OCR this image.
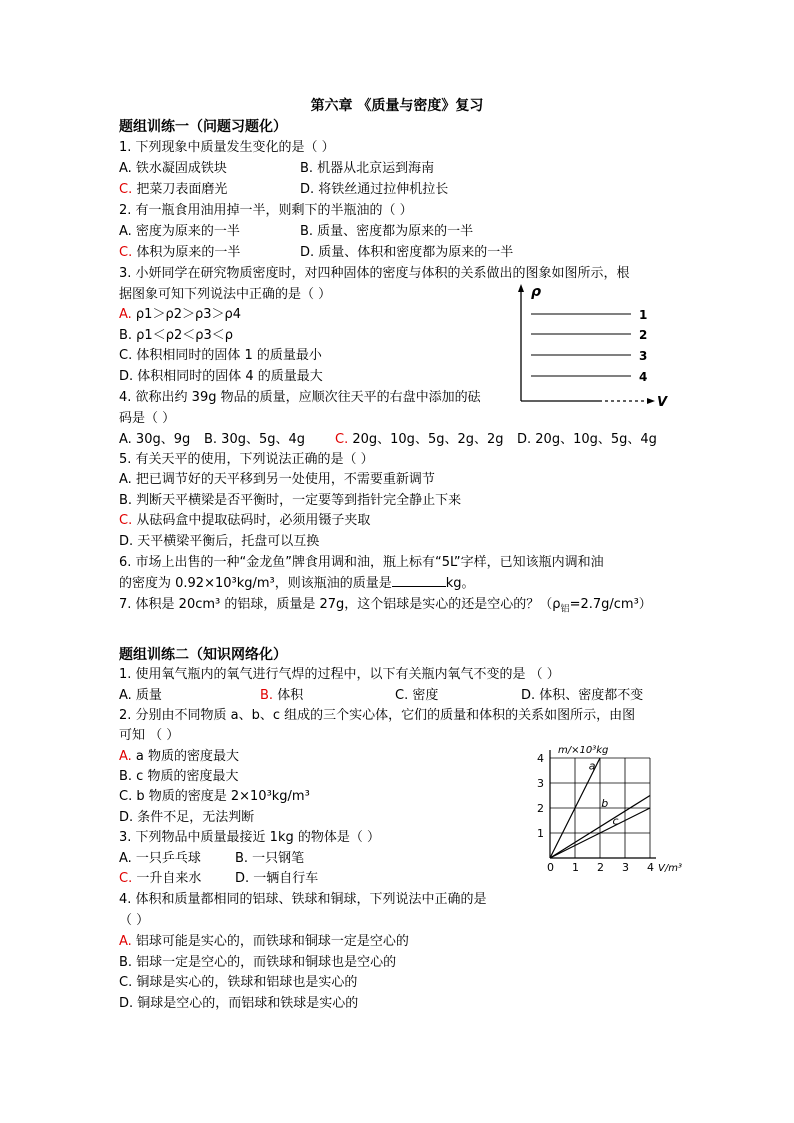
第六章 《质量与密度》复习
题组训练一（问题习题化）
1. 下列现象中质量发生变化的是（ ）
A. 铁水凝固成铁块	B. 机器从北京运到海南
C. 把菜刀表面磨光	D. 将铁丝通过拉伸机拉长
2. 有一瓶食用油用掉一半，则剩下的半瓶油的（ ）
A. 密度为原来的一半	B. 质量、密度都为原来的一半
C. 体积为原来的一半	D. 质量、体积和密度都为原来的一半
3. 小妍同学在研究物质密度时，对四种固体的密度与体积的关系做出的图象如图所示，根
据图象可知下列说法中正确的是（ ）
A. ρ1＞ρ2＞ρ3＞ρ4
B. ρ1＜ρ2＜ρ3＜ρ
C. 体积相同时的固体 1 的质量最小
D. 体积相同时的固体 4 的质量最大
ρ
V
1
2
3
4
4. 欲称出约 39g 物品的质量，应顺次往天平的右盘中添加的砝
码是（ ）
A. 30g、9g B. 30g、5g、4g C. 20g、10g、5g、2g、2g D. 20g、10g、5g、4g
5. 有关天平的使用，下列说法正确的是（ ）
A. 把已调节好的天平移到另一处使用，不需要重新调节
B. 判断天平横梁是否平衡时，一定要等到指针完全静止下来
C. 从砝码盒中提取砝码时，必须用镊子夹取
D. 天平横梁平衡后，托盘可以互换
6. 市场上出售的一种“金龙鱼”牌食用调和油，瓶上标有“5L”字样，已知该瓶内调和油
的密度为 0.92×10³kg/m³，则该瓶油的质量是	kg。
7. 体积是 20cm³ 的铝球，质量是 27g，这个铝球是实心的还是空心的？$(\rho_铝=2.7g/cm^3)$
题组训练二（知识网络化）
1. 使用氧气瓶内的氧气进行气焊的过程中，以下有关瓶内氧气不变的是 （ ）
A. 质量	B. 体积	C. 密度	D. 体积、密度都不变
2. 分别由不同物质 a、b、c 组成的三个实心体，它们的质量和体积的关系如图所示，由图
可知 （ ）
A. a 物质的密度最大
B. c 物质的密度最大
C. b 物质的密度是 2×10³kg/m³
D. 条件不足，无法判断
0 1 2 3 4
1
2
3
4
m/×10³kg
V/m³
a
b
c
3. 下列物品中质量最接近 1kg 的物体是（ ）
A. 一只乒乓球	B. 一只钢笔
C. 一升自来水	D. 一辆自行车
4. 体积和质量都相同的铝球、铁球和铜球，下列说法中正确的是
（ ）
A. 铝球可能是实心的，而铁球和铜球一定是空心的
B. 铝球一定是空心的，而铁球和铜球也是空心的
C. 铜球是实心的，铁球和铝球也是实心的
D. 铜球是空心的，而铝球和铁球是实心的
